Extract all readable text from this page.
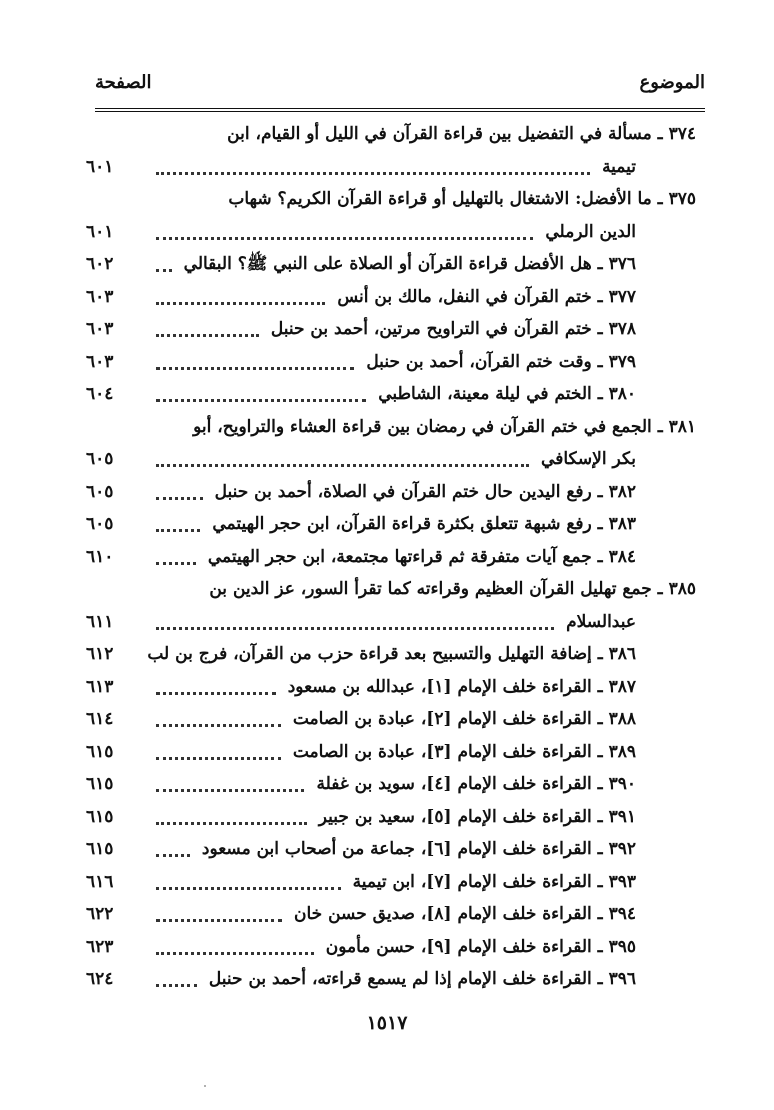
الموضوع
الصفحة
٣٧٤ ـ مسألة في التفضيل بين قراءة القرآن في الليل أو القيام، ابن
تيمية
٦٠١
٣٧٥ ـ ما الأفضل: الاشتغال بالتهليل أو قراءة القرآن الكريم؟ شهاب
الدين الرملي
٦٠١
٣٧٦ ـ هل الأفضل قراءة القرآن أو الصلاة على النبي ﷺ؟ البقالي
٦٠٢
٣٧٧ ـ ختم القرآن في النفل، مالك بن أنس
٦٠٣
٣٧٨ ـ ختم القرآن في التراويح مرتين، أحمد بن حنبل
٦٠٣
٣٧٩ ـ وقت ختم القرآن، أحمد بن حنبل
٦٠٣
٣٨٠ ـ الختم في ليلة معينة، الشاطبي
٦٠٤
٣٨١ ـ الجمع في ختم القرآن في رمضان بين قراءة العشاء والتراويح، أبو
بكر الإسكافي
٦٠٥
٣٨٢ ـ رفع اليدين حال ختم القرآن في الصلاة، أحمد بن حنبل
٦٠٥
٣٨٣ ـ رفع شبهة تتعلق بكثرة قراءة القرآن، ابن حجر الهيتمي
٦٠٥
٣٨٤ ـ جمع آيات متفرقة ثم قراءتها مجتمعة، ابن حجر الهيتمي
٦١٠
٣٨٥ ـ جمع تهليل القرآن العظيم وقراءته كما تقرأ السور، عز الدين بن
عبدالسلام
٦١١
٣٨٦ ـ إضافة التهليل والتسبيح بعد قراءة حزب من القرآن، فرج بن لب
٦١٢
٣٨٧ ـ القراءة خلف الإمام [١]، عبدالله بن مسعود
٦١٣
٣٨٨ ـ القراءة خلف الإمام [٢]، عبادة بن الصامت
٦١٤
٣٨٩ ـ القراءة خلف الإمام [٣]، عبادة بن الصامت
٦١٥
٣٩٠ ـ القراءة خلف الإمام [٤]، سويد بن غفلة
٦١٥
٣٩١ ـ القراءة خلف الإمام [٥]، سعيد بن جبير
٦١٥
٣٩٢ ـ القراءة خلف الإمام [٦]، جماعة من أصحاب ابن مسعود
٦١٥
٣٩٣ ـ القراءة خلف الإمام [٧]، ابن تيمية
٦١٦
٣٩٤ ـ القراءة خلف الإمام [٨]، صديق حسن خان
٦٢٢
٣٩٥ ـ القراءة خلف الإمام [٩]، حسن مأمون
٦٢٣
٣٩٦ ـ القراءة خلف الإمام إذا لم يسمع قراءته، أحمد بن حنبل
٦٢٤
١٥١٧
